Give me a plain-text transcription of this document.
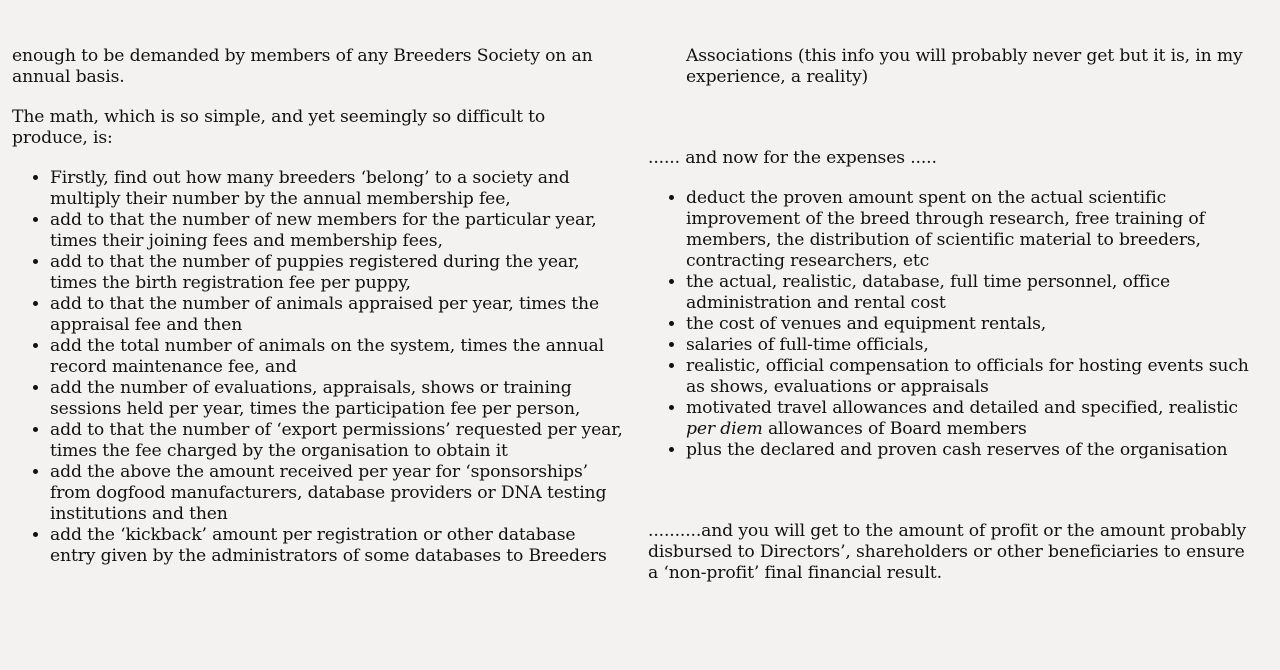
enough to be demanded by members of any Breeders Society on an annual basis.

The math, which is so simple, and yet seemingly so difficult to produce, is:

• Firstly, find out how many breeders ‘belong’ to a society and multiply their number by the annual membership fee,
• add to that the number of new members for the particular year, times their joining fees and membership fees,
• add to that the number of puppies registered during the year, times the birth registration fee per puppy,
• add to that the number of animals appraised per year, times the appraisal fee and then
• add the total number of animals on the system, times the annual record maintenance fee, and
• add the number of evaluations, appraisals, shows or training sessions held per year, times the participation fee per person,
• add to that the number of ‘export permissions’ requested per year, times the fee charged by the organisation to obtain it
• add the above the amount received per year for ‘sponsorships’ from dogfood manufacturers, database providers or DNA testing institutions and then
• add the ‘kickback’ amount per registration or other database entry given by the administrators of some databases to Breeders

Associations (this info you will probably never get but it is, in my experience, a reality)

...... and now for the expenses .....

• deduct the proven amount spent on the actual scientific improvement of the breed through research, free training of members, the distribution of scientific material to breeders, contracting researchers, etc
• the actual, realistic, database, full time personnel, office administration and rental cost
• the cost of venues and equipment rentals,
• salaries of full-time officials,
• realistic, official compensation to officials for hosting events such as shows, evaluations or appraisals
• motivated travel allowances and detailed and specified, realistic per diem allowances of Board members
• plus the declared and proven cash reserves of the organisation

..........and you will get to the amount of profit or the amount probably disbursed to Directors’, shareholders or other beneficiaries to ensure a ‘non-profit’ final financial result.
